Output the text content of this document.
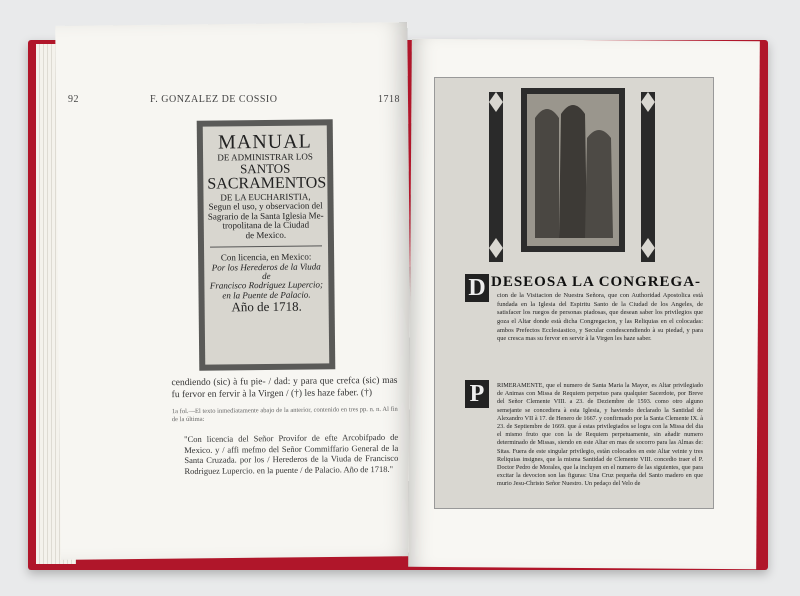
92	F. GONZALEZ DE COSSIO	1718
MANUAL
DE ADMINISTRAR LOS
SANTOS
SACRAMENTOS
DE LA EUCHARISTIA,
Segun el uso, y observacion del
Sagrario de la Santa Iglesia Me-
tropolitana de la Ciudad
de Mexico.
Con licencia, en Mexico:
Por los Herederos de la Viuda de
Francisco Rodriguez Lupercio;
en la Puente de Palacio.
Año de 1718.

cendiendo (sic) à fu pie- / dad: y para que crefca (sic) mas fu fervor en fervir à la Virgen / (†) les haze faber. (†)

1a fol.—El texto inmediatamente abajo de la anterior, contenido en tres pp. n. n. Al fin de la última:

"Con licencia del Señor Provifor de efte Arcobifpado de Mexico. y / affi mefmo del Señor Commiffario General de la Santa Cruzada. por los / Herederos de la Viuda de Francisco Rodriguez Lupercio. en la puente / de Palacio. Año de 1718."

D DESEOSA LA CONGREGA-
cion de la Visitacion de Nuestra Señora, que con Authoridad Apostolica està fundada en la Iglesia del Espiritu Santo de la Ciudad de los Angeles, de satisfacer los ruegos de personas piadosas, que desean saber los privilegios que goza el Altar donde està dicha Congregacion, y las Reliquias en el colocadas: ambos Prefectos Ecclesiastico, y Secular condescendiendo à su piedad, y para que cresca mas su fervor en servir à la Virgen les haze saber.
P	RIMERAMENTE, que el numero de Santa Maria la Mayor, es Altar privilegiado de Animas con Missa de Requiem perpetuo para qualquier Sacerdote, por Breve del Señor Clemente VIII. a 23. de Deziembre de 1593. como otro alguno semejante se concediera à esta Iglesia, y haviendo declarado la Santidad de Alexandro VII à 17. de Henero de 1667. y confirmado por la Santa Clemente IX. à 23. de Septiembre de 1669. que á estas privilegiados se logra con la Missa del dia el mismo fruto que con la de Requiem perpetuamente, sin añadir numero determinado de Missas, siendo en este Altar en mas de socorro para las Almas de: Sitas. Fuera de este singular privilegio, estàn colocados en este Altar veinte y tres Reliquias insignes, que la misma Santidad de Clemente VIII. concedio traer el P. Doctor Pedro de Morales, que la incluyen en el numero de las siguientes, que para excitar la devocion son las figuras: Una Cruz pequeña del Santo madero en que murio Jesu-Christo Señor Nuestro. Un pedaço del Velo de
